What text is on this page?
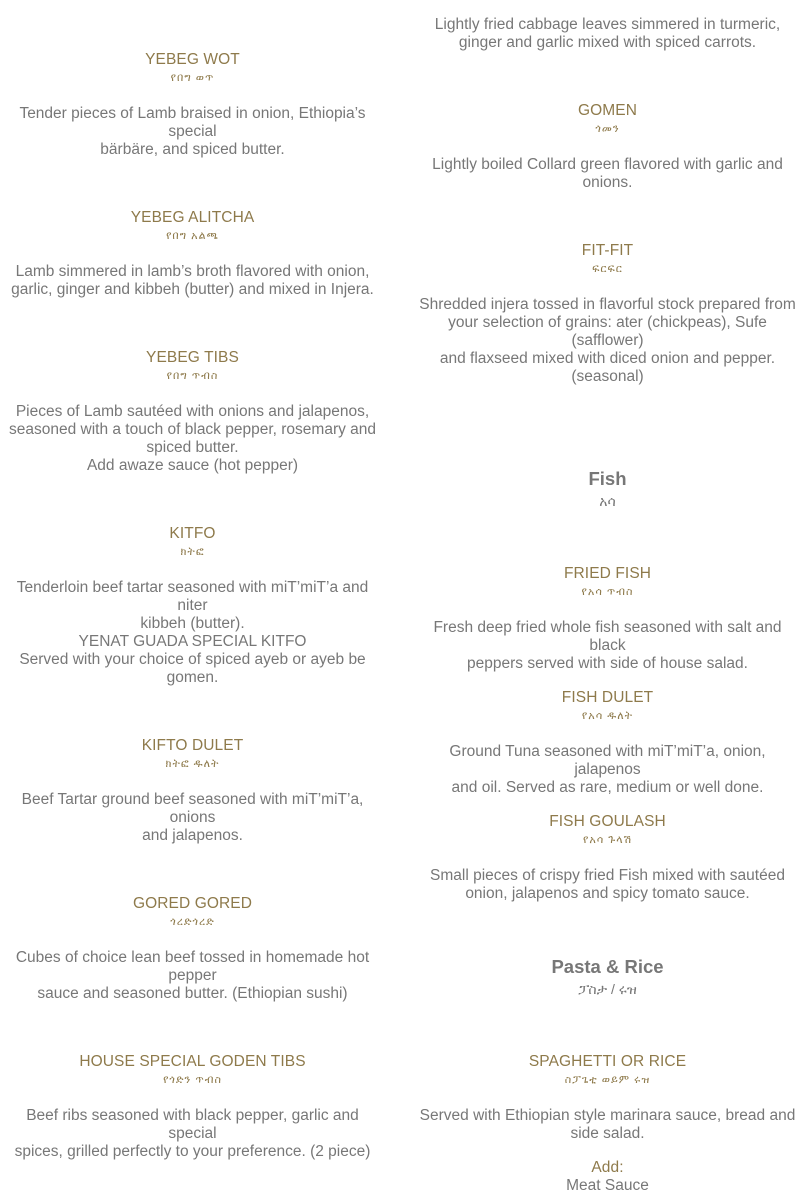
YEBEG WOT
የበግ ወጥ
Tender pieces of Lamb braised in onion, Ethiopia’s special
bärbäre, and spiced butter.
YEBEG ALITCHA
የበግ አልጫ
Lamb simmered in lamb’s broth flavored with onion, garlic, ginger and kibbeh (butter) and mixed in Injera.
YEBEG TIBS
የበግ ጥብስ
Pieces of Lamb sautéed with onions and jalapenos, seasoned with a touch of black pepper, rosemary and spiced butter.
Add awaze sauce (hot pepper)
KITFO
ክትፎ
Tenderloin beef tartar seasoned with miT’miT’a and niter
kibbeh (butter).
YENAT GUADA SPECIAL KITFO
Served with your choice of spiced ayeb or ayeb be gomen.
KIFTO DULET
ክትፎ ዱለት
Beef Tartar ground beef seasoned with miT’miT’a, onions
and jalapenos.
GORED GORED
ጎረድጎረድ
Cubes of choice lean beef tossed in homemade hot pepper
sauce and seasoned butter. (Ethiopian sushi)
HOUSE SPECIAL GODEN TIBS
የጎድን ጥብስ
Beef ribs seasoned with black pepper, garlic and special
spices, grilled perfectly to your preference. (2 piece)
Lightly fried cabbage leaves simmered in turmeric,
ginger and garlic mixed with spiced carrots.
GOMEN
ጎመን
Lightly boiled Collard green flavored with garlic and onions.
FIT-FIT
ፍርፍር
Shredded injera tossed in flavorful stock prepared from
your selection of grains: ater (chickpeas), Sufe (safflower)
and flaxseed mixed with diced onion and pepper.
(seasonal)
Fish
አሳ
FRIED FISH
የአሳ ጥብስ
Fresh deep fried whole fish seasoned with salt and black
peppers served with side of house salad.
FISH DULET
የአሳ ዱለት
Ground Tuna seasoned with miT’miT’a, onion, jalapenos
and oil. Served as rare, medium or well done.
FISH GOULASH
የአሳ ጉላሽ
Small pieces of crispy fried Fish mixed with sautéed onion, jalapenos and spicy tomato sauce.
Pasta & Rice
ፓስታ / ሩዝ
SPAGHETTI OR RICE
ስፓጌቲ ወይም ሩዝ
Served with Ethiopian style marinara sauce, bread and side salad.
Add:
Meat Sauce
